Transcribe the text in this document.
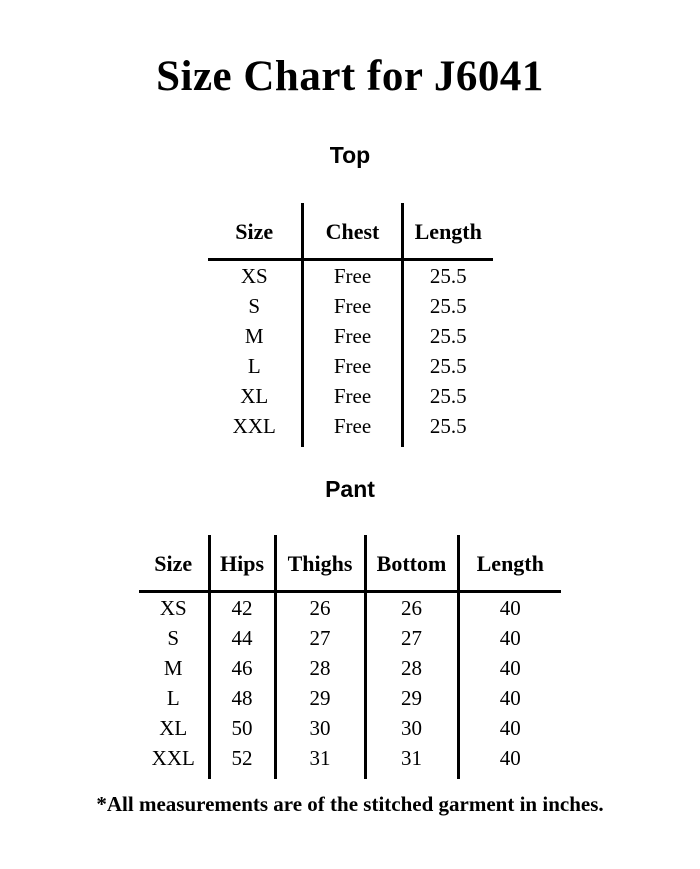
Size Chart for J6041
Top
Size	Chest	Length
XS	Free	25.5
S	Free	25.5
M	Free	25.5
L	Free	25.5
XL	Free	25.5
XXL	Free	25.5
Pant
Size	Hips	Thighs	Bottom	Length
XS	42	26	26	40
S	44	27	27	40
M	46	28	28	40
L	48	29	29	40
XL	50	30	30	40
XXL	52	31	31	40

*All measurements are of the stitched garment in inches.
